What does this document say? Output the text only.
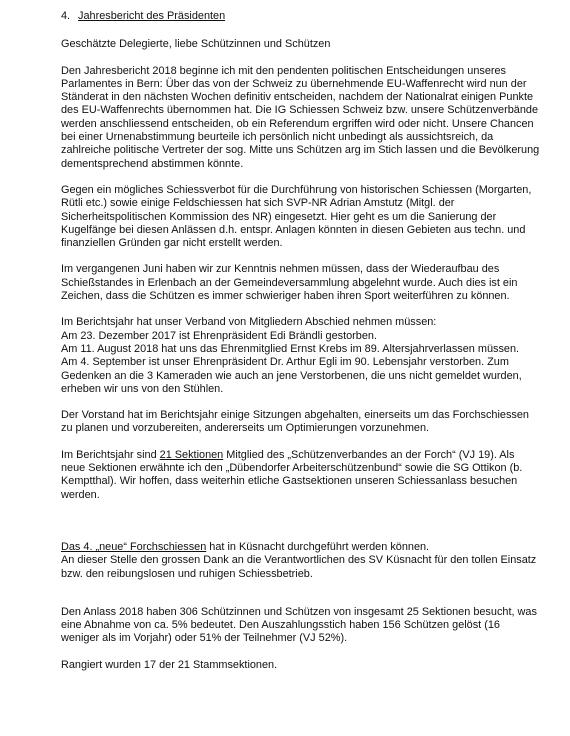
4. Jahresbericht des Präsidenten

Geschätzte Delegierte, liebe Schützinnen und Schützen

Den Jahresbericht 2018 beginne ich mit den pendenten politischen Entscheidungen unseres Parlamentes in Bern: Über das von der Schweiz zu übernehmende EU-Waffenrecht wird nun der Ständerat in den nächsten Wochen definitiv entscheiden, nachdem der Nationalrat einigen Punkte des EU-Waffenrechts übernommen hat. Die IG Schiessen Schweiz bzw. unsere Schützenverbände werden anschliessend entscheiden, ob ein Referendum ergriffen wird oder nicht. Unsere Chancen bei einer Urnenabstimmung beurteile ich persönlich nicht unbedingt als aussichtsreich, da zahlreiche politische Vertreter der sog. Mitte uns Schützen arg im Stich lassen und die Bevölkerung dementsprechend abstimmen könnte.

Gegen ein mögliches Schiessverbot für die Durchführung von historischen Schiessen (Morgarten, Rütli etc.) sowie einige Feldschiessen hat sich SVP-NR Adrian Amstutz (Mitgl. der Sicherheitspolitischen Kommission des NR) eingesetzt. Hier geht es um die Sanierung der Kugelfänge bei diesen Anlässen d.h. entspr. Anlagen könnten in diesen Gebieten aus techn. und finanziellen Gründen gar nicht erstellt werden.

Im vergangenen Juni haben wir zur Kenntnis nehmen müssen, dass der Wiederaufbau des Schießstandes in Erlenbach an der Gemeindeversammlung abgelehnt wurde. Auch dies ist ein Zeichen, dass die Schützen es immer schwieriger haben ihren Sport weiterführen zu können.

Im Berichtsjahr hat unser Verband von Mitgliedern Abschied nehmen müssen:
Am 23. Dezember 2017 ist Ehrenpräsident Edi Brändli gestorben.
Am 11. August 2018 hat uns das Ehrenmitglied Ernst Krebs im 89. Altersjahrverlassen müssen.
Am 4. September ist unser Ehrenpräsident Dr. Arthur Egli im 90. Lebensjahr verstorben. Zum Gedenken an die 3 Kameraden wie auch an jene Verstorbenen, die uns nicht gemeldet wurden, erheben wir uns von den Stühlen.

Der Vorstand hat im Berichtsjahr einige Sitzungen abgehalten, einerseits um das Forchschiessen zu planen und vorzubereiten, andererseits um Optimierungen vorzunehmen.

Im Berichtsjahr sind 21 Sektionen Mitglied des „Schützenverbandes an der Forch“ (VJ 19). Als neue Sektionen erwähnte ich den „Dübendorfer Arbeiterschützenbund“ sowie die SG Ottikon (b. Kemptthal). Wir hoffen, dass weiterhin etliche Gastsektionen unseren Schiessanlass besuchen werden.

Das 4. „neue“ Forchschiessen hat in Küsnacht durchgeführt werden können.
An dieser Stelle den grossen Dank an die Verantwortlichen des SV Küsnacht für den tollen Einsatz bzw. den reibungslosen und ruhigen Schiessbetrieb.

Den Anlass 2018 haben 306 Schützinnen und Schützen von insgesamt 25 Sektionen besucht, was eine Abnahme von ca. 5% bedeutet. Den Auszahlungsstich haben 156 Schützen gelöst (16 weniger als im Vorjahr) oder 51% der Teilnehmer (VJ 52%).

Rangiert wurden 17 der 21 Stammsektionen.
